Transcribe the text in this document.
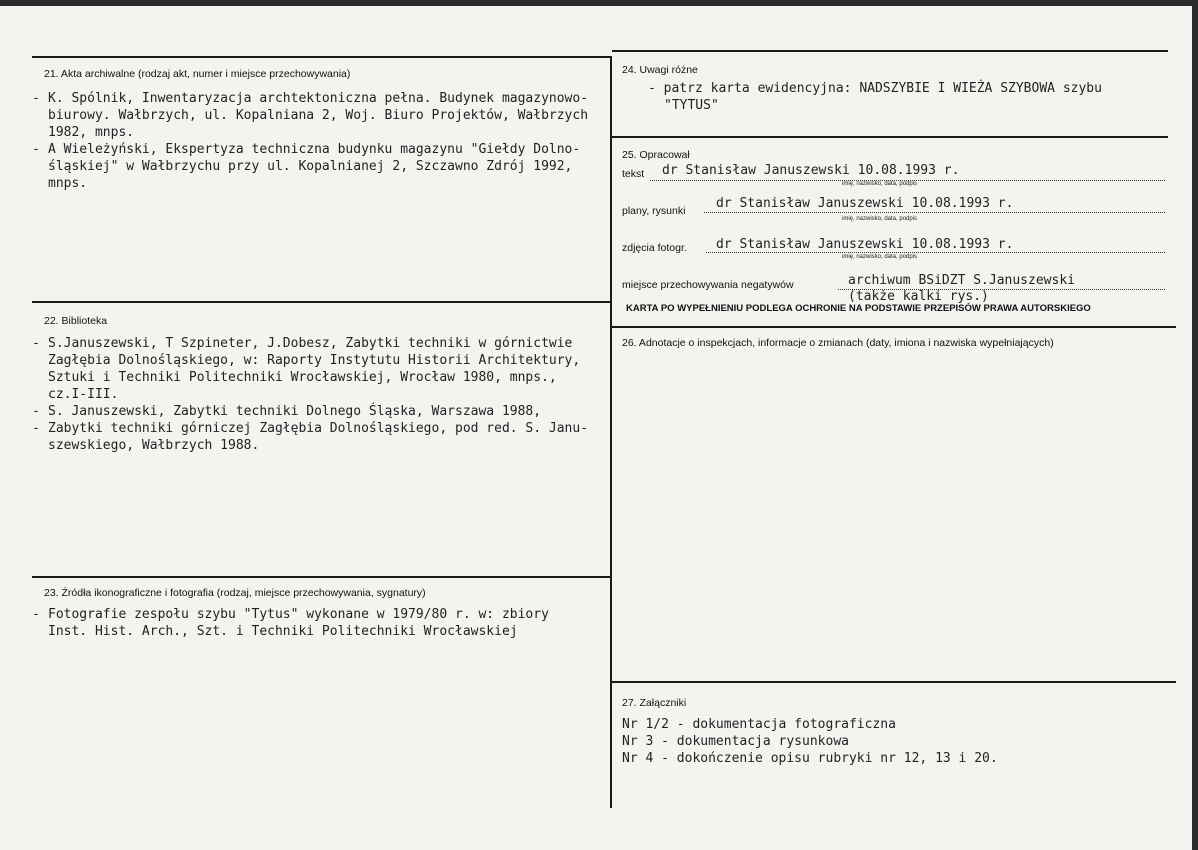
21. Akta archiwalne (rodzaj akt, numer i miejsce przechowywania)
- K. Spólnik, Inwentaryzacja archtektoniczna pełna. Budynek magazynowo-
biurowy. Wałbrzych, ul. Kopalniana 2, Woj. Biuro Projektów, Wałbrzych
1982, mnps.
- A Wieleżyński, Ekspertyza techniczna budynku magazynu "Giełdy Dolno-
śląskiej" w Wałbrzychu przy ul. Kopalnianej 2, Szczawno Zdrój 1992,
mnps.
22. Biblioteka
- S.Januszewski, T Szpineter, J.Dobesz, Zabytki techniki w górnictwie
Zagłębia Dolnośląskiego, w: Raporty Instytutu Historii Architektury,
Sztuki i Techniki Politechniki Wrocławskiej, Wrocław 1980, mnps.,
cz.I-III.
- S. Januszewski, Zabytki techniki Dolnego Śląska, Warszawa 1988,
- Zabytki techniki górniczej Zagłębia Dolnośląskiego, pod red. S. Janu-
szewskiego, Wałbrzych 1988.
23. Źródła ikonograficzne i fotografia (rodzaj, miejsce przechowywania, sygnatury)
- Fotografie zespołu szybu "Tytus" wykonane w 1979/80 r. w: zbiory
Inst. Hist. Arch., Szt. i Techniki Politechniki Wrocławskiej
24. Uwagi różne
- patrz karta ewidencyjna: NADSZYBIE I WIEŻA SZYBOWA szybu
"TYTUS"
25. Opracował
tekst dr Stanisław Januszewski 10.08.1993 r.
imię, nazwisko, data, podpis
plany, rysunki dr Stanisław Januszewski 10.08.1993 r.
imię, nazwisko, data, podpis
zdjęcia fotogr. dr Stanisław Januszewski 10.08.1993 r.
imię, nazwisko, data, podpis
miejsce przechowywania negatywów	archiwum BSiDZT S.Januszewski
(także kalki rys.)
KARTA PO WYPEŁNIENIU PODLEGA OCHRONIE NA PODSTAWIE PRZEPISÓW PRAWA AUTORSKIEGO
26. Adnotacje o inspekcjach, informacje o zmianach (daty, imiona i nazwiska wypełniających)
27. Załączniki
Nr 1/2 - dokumentacja fotograficzna
Nr 3 - dokumentacja rysunkowa
Nr 4 - dokończenie opisu rubryki nr 12, 13 i 20.
